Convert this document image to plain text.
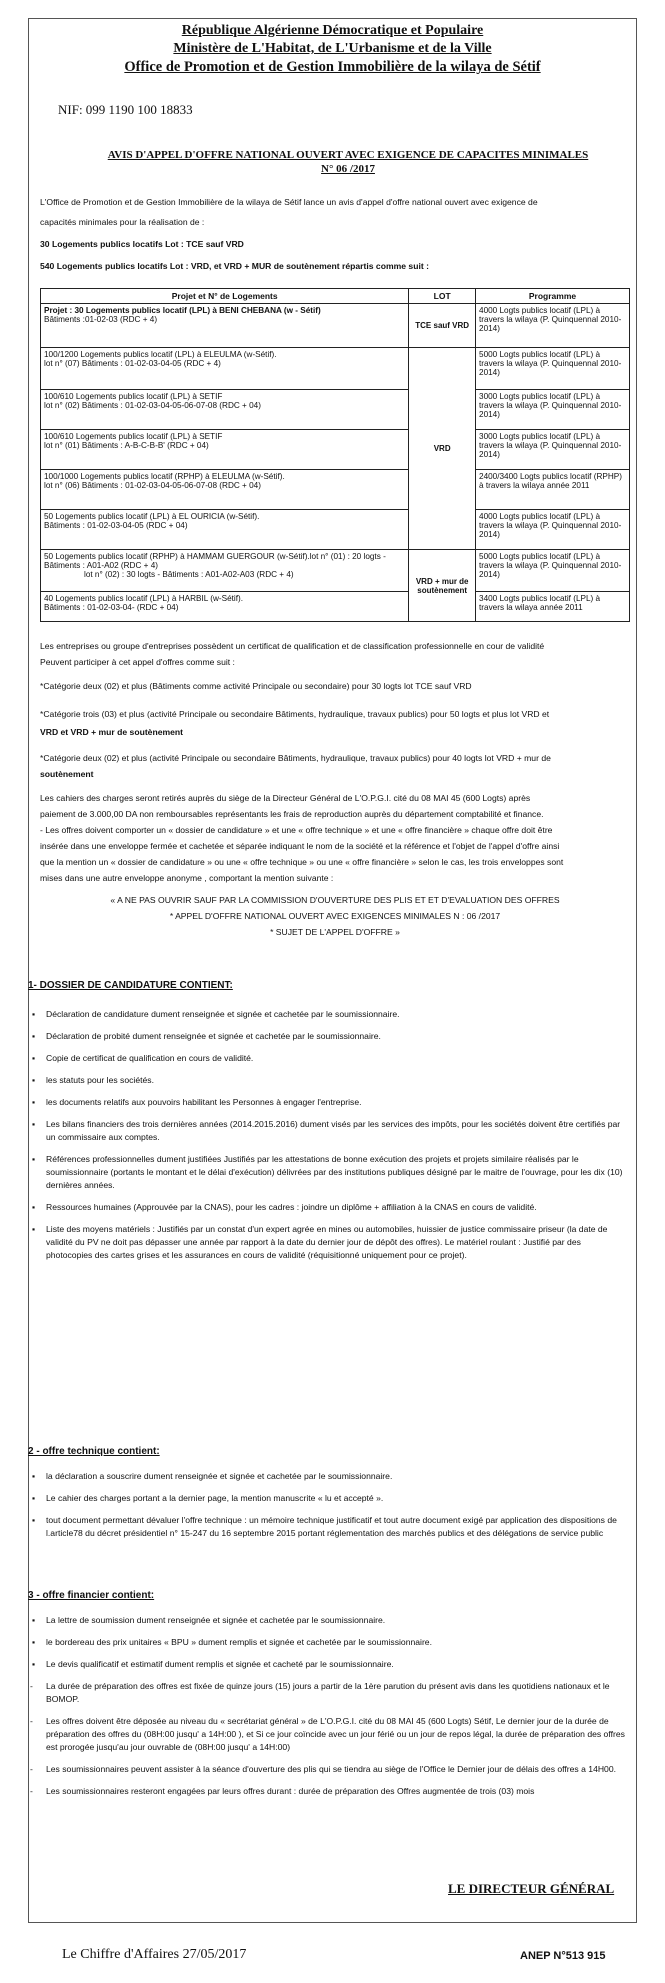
République Algérienne Démocratique et Populaire
Ministère de L'Habitat, de L'Urbanisme et de la Ville
Office de Promotion et de Gestion Immobilière de la wilaya de Sétif
NIF: 099 1190 100 18833
AVIS D'APPEL D'OFFRE NATIONAL OUVERT AVEC EXIGENCE DE CAPACITES MINIMALES
N° 06 /2017
L'Office de Promotion et de Gestion Immobilière de la wilaya de Sétif lance un avis d'appel d'offre national ouvert avec exigence de
capacités minimales pour la réalisation de :
30 Logements publics locatifs Lot : TCE sauf VRD
540 Logements publics locatifs Lot : VRD, et VRD + MUR de soutènement répartis comme suit :
Projet et N° de Logements	LOT	Programme

Projet : 30 Logements publics locatif (LPL) à BENI CHEBANA (w - Sétif)
Bâtiments :01-02-03 (RDC + 4)	TCE sauf VRD	4000 Logts publics locatif (LPL) à travers la wilaya (P. Quinquennal 2010-2014)

100/1200 Logements publics locatif (LPL) à ELEULMA (w-Sétif).
lot n° (07) Bâtiments : 01-02-03-04-05 (RDC + 4)	VRD	5000 Logts publics locatif (LPL) à travers la wilaya (P. Quinquennal 2010-2014)

100/610 Logements publics locatif (LPL) à SETIF
lot n° (02) Bâtiments : 01-02-03-04-05-06-07-08 (RDC + 04)		3000 Logts publics locatif (LPL) à travers la wilaya (P. Quinquennal 2010-2014)

100/610 Logements publics locatif (LPL) à SETIF
lot n° (01) Bâtiments : A-B-C-B-B' (RDC + 04)		3000 Logts publics locatif (LPL) à travers la wilaya (P. Quinquennal 2010-2014)

100/1000 Logements publics locatif (RPHP) à ELEULMA (w-Sétif).
lot n° (06) Bâtiments : 01-02-03-04-05-06-07-08 (RDC + 04)		2400/3400 Logts publics locatif (RPHP) à travers la wilaya année 2011

50 Logements publics locatif (LPL) à EL OURICIA (w-Sétif).
Bâtiments : 01-02-03-04-05 (RDC + 04)		4000 Logts publics locatif (LPL) à travers la wilaya (P. Quinquennal 2010-2014)

50 Logements publics locatif (RPHP) à HAMMAM GUERGOUR (w-Sétif).lot n° (01) : 20 logts - Bâtiments : A01-A02 (RDC + 4)
lot n° (02) : 30 logts - Bâtiments : A01-A02-A03 (RDC + 4)	VRD + mur de soutènement	5000 Logts publics locatif (LPL) à travers la wilaya (P. Quinquennal 2010-2014)

40 Logements publics locatif (LPL) à HARBIL (w-Sétif).
Bâtiments : 01-02-03-04- (RDC + 04)		3400 Logts publics locatif (LPL) à travers la wilaya année 2011
Les entreprises ou groupe d'entreprises possèdent un certificat de qualification et de classification professionnelle en cour de validité
Peuvent participer à cet appel d'offres comme suit :
*Catégorie deux (02) et plus (Bâtiments comme activité Principale ou secondaire) pour 30 logts lot TCE sauf VRD
*Catégorie trois (03) et plus (activité Principale ou secondaire Bâtiments, hydraulique, travaux publics) pour 50 logts et plus lot VRD et
VRD et VRD + mur de soutènement
*Catégorie deux (02) et plus (activité Principale ou secondaire Bâtiments, hydraulique, travaux publics) pour 40 logts lot VRD + mur de
soutènement
Les cahiers des charges seront retirés auprès du siège de la Directeur Général de L'O.P.G.I. cité du 08 MAI 45 (600 Logts) après
paiement de 3.000,00 DA non remboursables représentants les frais de reproduction auprès du département comptabilité et finance.
- Les offres doivent comporter un « dossier de candidature » et une « offre technique » et une « offre financière » chaque offre doit être
insérée dans une enveloppe fermée et cachetée et séparée indiquant le nom de la société et la référence et l'objet de l'appel d'offre ainsi
que la mention un « dossier de candidature » ou une « offre technique » ou une « offre financière » selon le cas, les trois enveloppes sont
mises dans une autre enveloppe anonyme , comportant la mention suivante :
« A NE PAS OUVRIR SAUF PAR LA COMMISSION D'OUVERTURE DES PLIS ET ET D'EVALUATION DES OFFRES
* APPEL D'OFFRE NATIONAL OUVERT AVEC EXIGENCES MINIMALES N : 06 /2017
* SUJET DE L'APPEL D'OFFRE »
1- DOSSIER DE CANDIDATURE CONTIENT:
▪ Déclaration de candidature dument renseignée et signée et cachetée par le soumissionnaire.
▪ Déclaration de probité dument renseignée et signée et cachetée par le soumissionnaire.
▪ Copie de certificat de qualification en cours de validité.
▪ les statuts pour les sociétés.
▪ les documents relatifs aux pouvoirs habilitant les Personnes à engager l'entreprise.
▪ Les bilans financiers des trois dernières années (2014.2015.2016) dument visés par les services des impôts, pour les sociétés doivent être certifiés par un commissaire aux comptes.
▪ Références professionnelles dument justifiées Justifiés par les attestations de bonne exécution des projets et projets similaire réalisés par le soumissionnaire (portants le montant et le délai d'exécution) délivrées par des institutions publiques désigné par le maitre de l'ouvrage, pour les dix (10) dernières années.
▪ Ressources humaines (Approuvée par la CNAS), pour les cadres : joindre un diplôme + affiliation à la CNAS en cours de validité.
▪ Liste des moyens matériels : Justifiés par un constat d'un expert agrée en mines ou automobiles, huissier de justice commissaire priseur (la date de validité du PV ne doit pas dépasser une année par rapport à la date du dernier jour de dépôt des offres). Le matériel roulant : Justifié par des photocopies des cartes grises et les assurances en cours de validité (réquisitionné uniquement pour ce projet).
2 - offre technique contient:
▪ la déclaration a souscrire dument renseignée et signée et cachetée par le soumissionnaire.
▪ Le cahier des charges portant a la dernier page, la mention manuscrite « lu et accepté ».
▪ tout document permettant dévaluer l'offre technique : un mémoire technique justificatif et tout autre document exigé par application des dispositions de l.article78 du décret présidentiel n° 15-247 du 16 septembre 2015 portant réglementation des marchés publics et des délégations de service public
3 - offre financier contient:
▪ La lettre de soumission dument renseignée et signée et cachetée par le soumissionnaire.
▪ le bordereau des prix unitaires « BPU » dument remplis et signée et cachetée par le soumissionnaire.
▪ Le devis qualificatif et estimatif dument remplis et signée et cacheté par le soumissionnaire.
- La durée de préparation des offres est fixée de quinze jours (15) jours a partir de la 1ère parution du présent avis dans les quotidiens nationaux et le BOMOP.
- Les offres doivent être déposée au niveau du « secrétariat général » de L'O.P.G.I. cité du 08 MAI 45 (600 Logts) Sétif, Le dernier jour de la durée de préparation des offres du (08H:00 jusqu' a 14H:00 ), et Si ce jour coïncide avec un jour férié ou un jour de repos légal, la durée de préparation des offres est prorogée jusqu'au jour ouvrable de (08H:00 jusqu' a 14H:00)
- Les soumissionnaires peuvent assister à la séance d'ouverture des plis qui se tiendra au siège de l'Office le Dernier jour de délais des offres a 14H00.
- Les soumissionnaires resteront engagées par leurs offres durant : durée de préparation des Offres augmentée de trois (03) mois
LE DIRECTEUR GÉNÉRAL
Le Chiffre d'Affaires 27/05/2017	ANEP N°513 915
